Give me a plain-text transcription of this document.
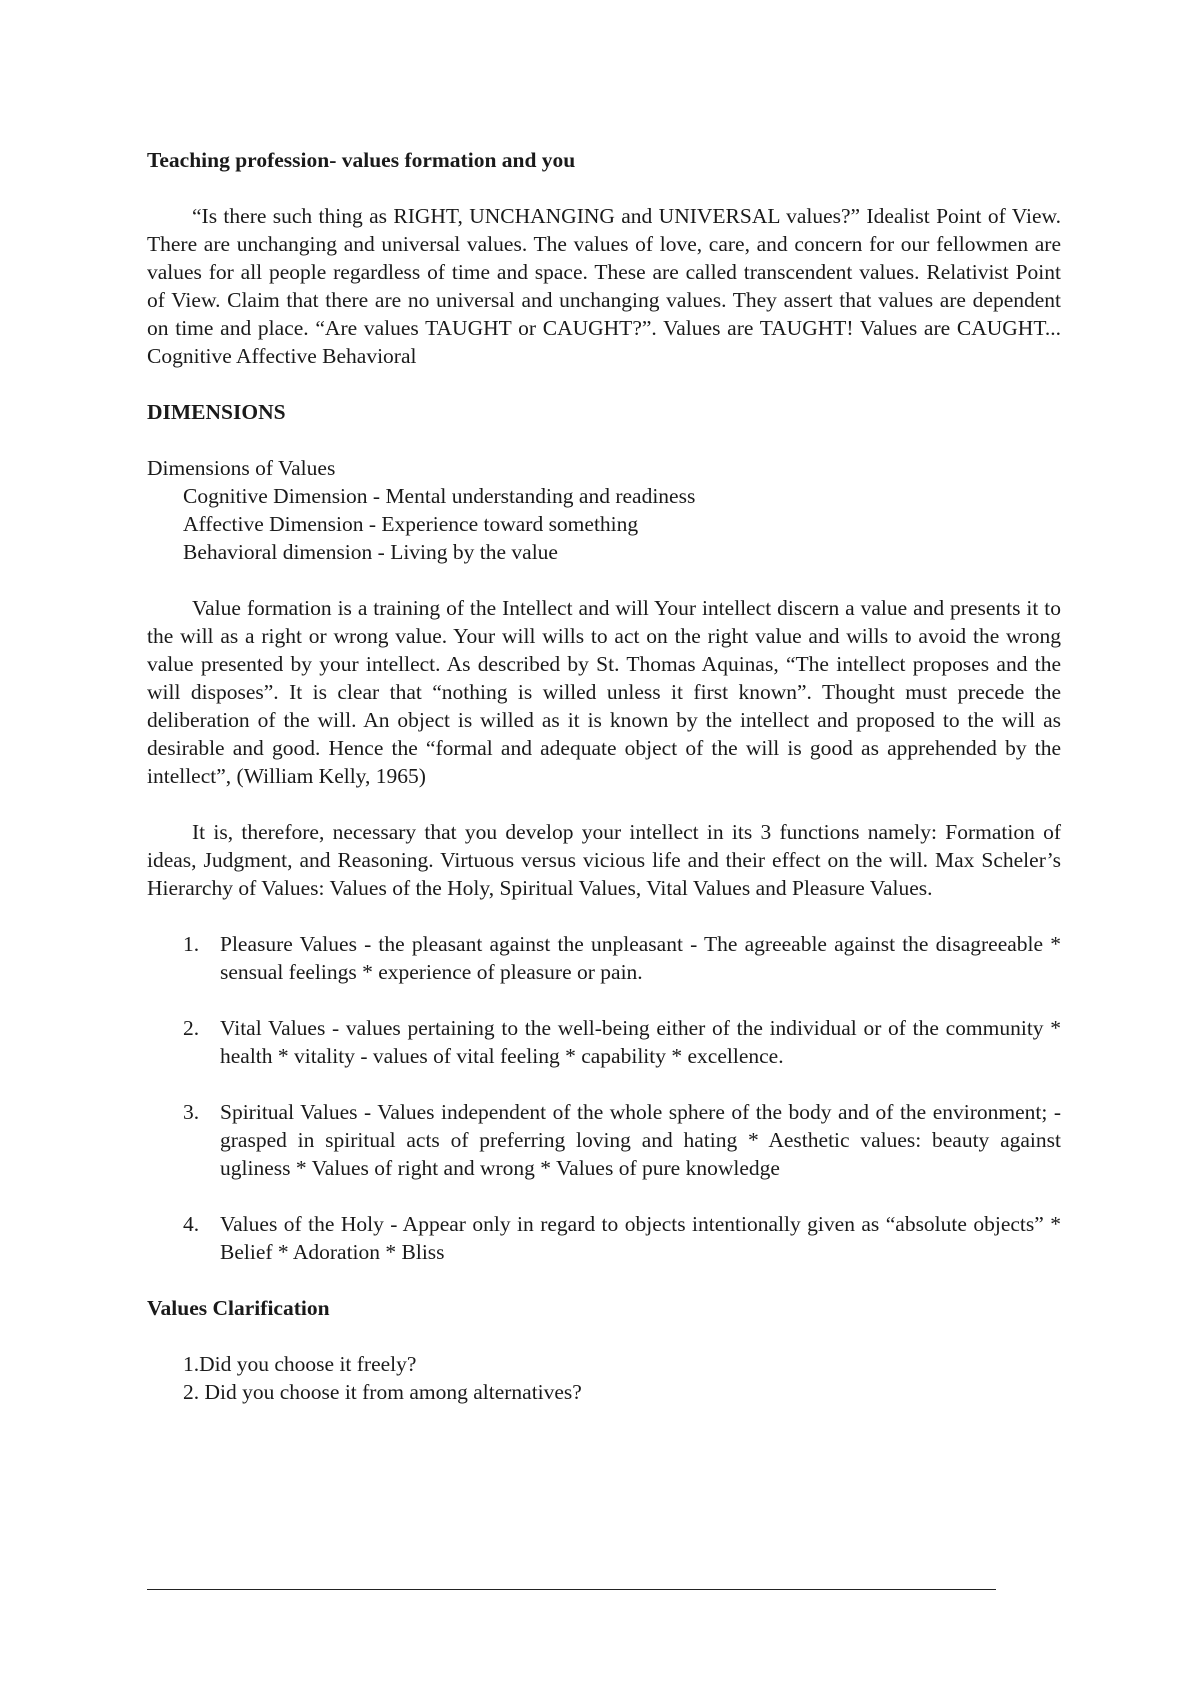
Teaching profession- values formation and you

“Is there such thing as RIGHT, UNCHANGING and UNIVERSAL values?” Idealist Point of View. There are unchanging and universal values. The values of love, care, and concern for our fellowmen are values for all people regardless of time and space. These are called transcendent values. Relativist Point of View. Claim that there are no universal and unchanging values. They assert that values are dependent on time and place. “Are values TAUGHT or CAUGHT?”. Values are TAUGHT! Values are CAUGHT... Cognitive Affective Behavioral

DIMENSIONS

Dimensions of Values

Cognitive Dimension - Mental understanding and readiness

Affective Dimension - Experience toward something

Behavioral dimension - Living by the value

Value formation is a training of the Intellect and will Your intellect discern a value and presents it to the will as a right or wrong value. Your will wills to act on the right value and wills to avoid the wrong value presented by your intellect. As described by St. Thomas Aquinas, “The intellect proposes and the will disposes”. It is clear that “nothing is willed unless it first known”. Thought must precede the deliberation of the will. An object is willed as it is known by the intellect and proposed to the will as desirable and good. Hence the “formal and adequate object of the will is good as apprehended by the intellect”, (William Kelly, 1965)

It is, therefore, necessary that you develop your intellect in its 3 functions namely: Formation of ideas, Judgment, and Reasoning. Virtuous versus vicious life and their effect on the will. Max Scheler’s Hierarchy of Values: Values of the Holy, Spiritual Values, Vital Values and Pleasure Values.

1. Pleasure Values - the pleasant against the unpleasant - The agreeable against the disagreeable * sensual feelings * experience of pleasure or pain.
2. Vital Values - values pertaining to the well-being either of the individual or of the community * health * vitality - values of vital feeling * capability * excellence.
3. Spiritual Values - Values independent of the whole sphere of the body and of the environment; - grasped in spiritual acts of preferring loving and hating * Aesthetic values: beauty against ugliness * Values of right and wrong * Values of pure knowledge
4. Values of the Holy - Appear only in regard to objects intentionally given as “absolute objects” * Belief * Adoration * Bliss

Values Clarification

1.Did you choose it freely?

2. Did you choose it from among alternatives?
